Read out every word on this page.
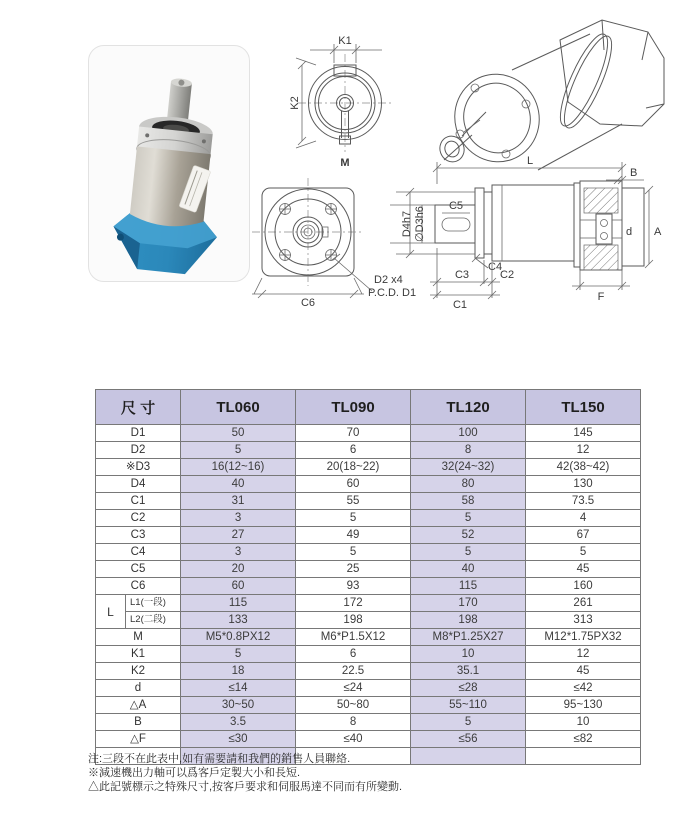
K1
K2
M
C6
D2 x4
P.C.D. D1
L
B
C5
d A
F
C4
C3	C2
C1
D4h7 ∅D3h6
尺 寸		TL060	TL090	TL120	TL150
D1		50	70	100	145
D2		5	6	8	12
※D3		16(12~16)	20(18~22)	32(24~32)	42(38~42)
D4		40	60	80	130
C1		31	55	58	73.5
C2		3	5	5	4
C3		27	49	52	67
C4		3	5	5	5
C5		20	25	40	45
C6		60	93	115	160
L	L1(一段)	115	172	170	261
	L2(二段)	133	198	198	313
M		M5*0.8PX12	M6*P1.5X12	M8*P1.25X27	M12*1.75PX32
K1		5	6	10	12
K2		18	22.5	35.1	45
d		≤14	≤24	≤28	≤42
△A		30~50	50~80	55~110	95~130
B		3.5	8	5	10
△F		≤30	≤40	≤56	≤82

注:三段不在此表中,如有需要請和我們的銷售人員聯絡.
※減速機出力軸可以爲客戶定製大小和長短.
△此記號標示之特殊尺寸,按客戶要求和伺服馬達不同而有所變動.
